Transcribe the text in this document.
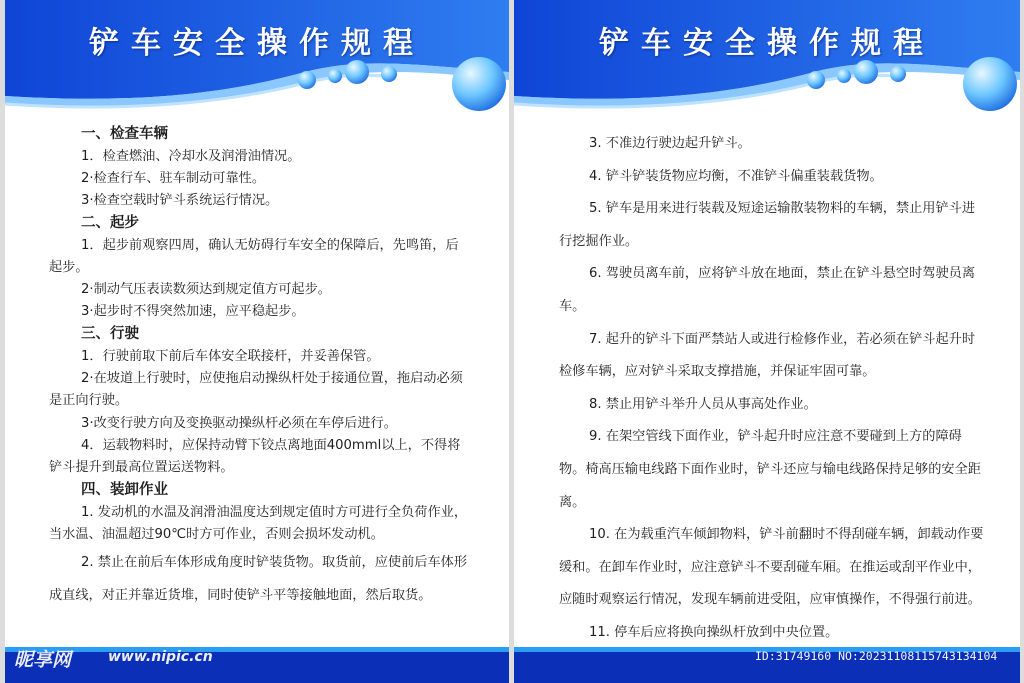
铲车安全操作规程

一、检查车辆

1．检查燃油、冷却水及润滑油情况。

2·检查行车、驻车制动可靠性。

3·检查空载时铲斗系统运行情况。

二、起步

1．起步前观察四周，确认无妨碍行车安全的保障后，先鸣笛，后起步。

2·制动气压表读数须达到规定值方可起步。

3·起步时不得突然加速，应平稳起步。

三、行驶

1．行驶前取下前后车体安全联接杆，并妥善保管。

2·在坡道上行驶时，应使拖启动操纵杆处于接通位置，拖启动必须是正向行驶。

3·改变行驶方向及变换驱动操纵杆必须在车停后进行。

4．运载物料时，应保持动臂下铰点离地面400mml以上，不得将铲斗提升到最高位置运送物料。

四、装卸作业

1. 发动机的水温及润滑油温度达到规定值时方可进行全负荷作业，当水温、油温超过90℃时方可作业，否则会损坏发动机。

2. 禁止在前后车体形成角度时铲装货物。取货前，应使前后车体形成直线，对正并靠近货堆，同时使铲斗平等接触地面，然后取货。

铲车安全操作规程

3. 不准边行驶边起升铲斗。

4. 铲斗铲装货物应均衡，不准铲斗偏重装载货物。

5. 铲车是用来进行装载及短途运输散装物料的车辆，禁止用铲斗进行挖掘作业。

6. 驾驶员离车前，应将铲斗放在地面，禁止在铲斗悬空时驾驶员离车。

7. 起升的铲斗下面严禁站人或进行检修作业，若必须在铲斗起升时检修车辆，应对铲斗采取支撑措施，并保证牢固可靠。

8. 禁止用铲斗举升人员从事高处作业。

9. 在架空管线下面作业，铲斗起升时应注意不要碰到上方的障碍物。椅高压输电线路下面作业时，铲斗还应与输电线路保持足够的安全距离。

10. 在为载重汽车倾卸物料，铲斗前翻时不得刮碰车辆，卸载动作要缓和。在卸车作业时，应注意铲斗不要刮碰车厢。在推运或刮平作业中，应随时观察运行情况，发现车辆前进受阻，应审慎操作，不得强行前进。

11. 停车后应将换向操纵杆放到中央位置。

昵享网	www.nipic.cn	ID:31749160 NO:20231108115743134104
